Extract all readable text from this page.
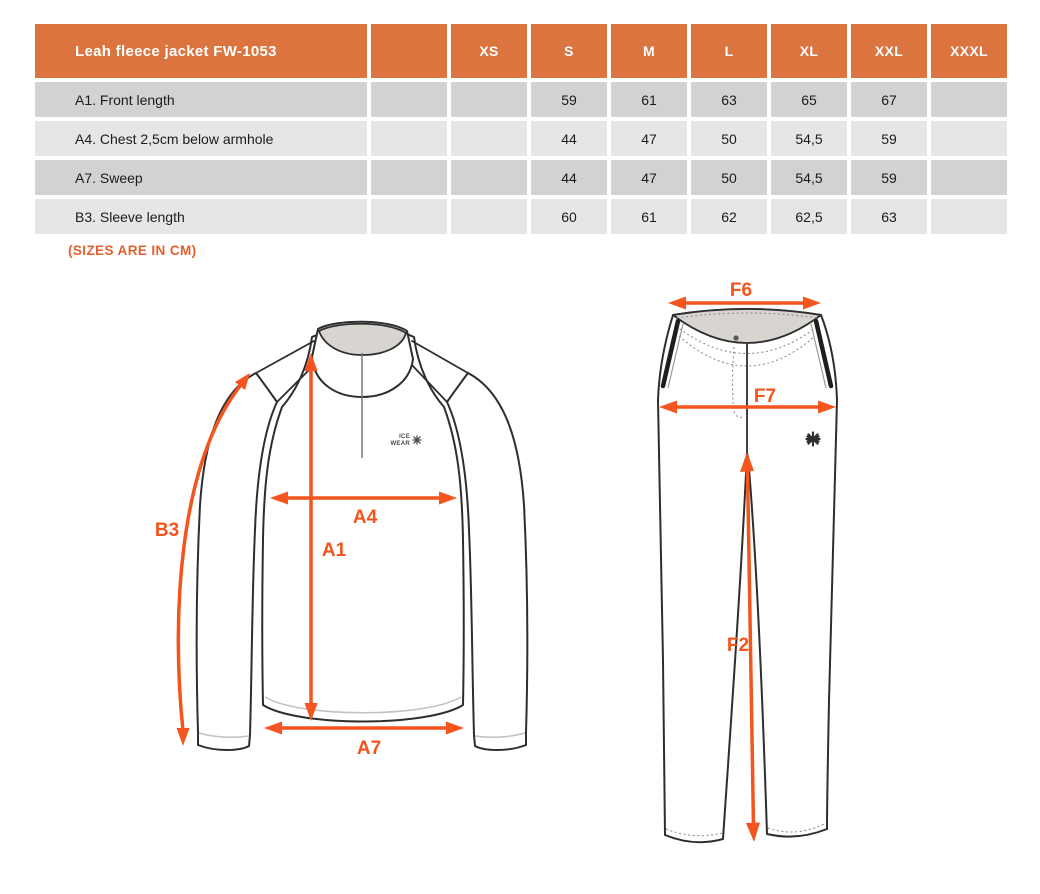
Leah fleece jacket FW-1053		XS	S	M	L	XL	XXL	XXXL
A1. Front length			59	61	63	65	67	
A4. Chest 2,5cm below armhole			44	47	50	54,5	59	
A7. Sweep			44	47	50	54,5	59	
B3. Sleeve length			60	61	62	62,5	63	
(SIZES ARE IN CM)
ICE
WEAR
B3
A1
A4
A7
F6
F7
F2
